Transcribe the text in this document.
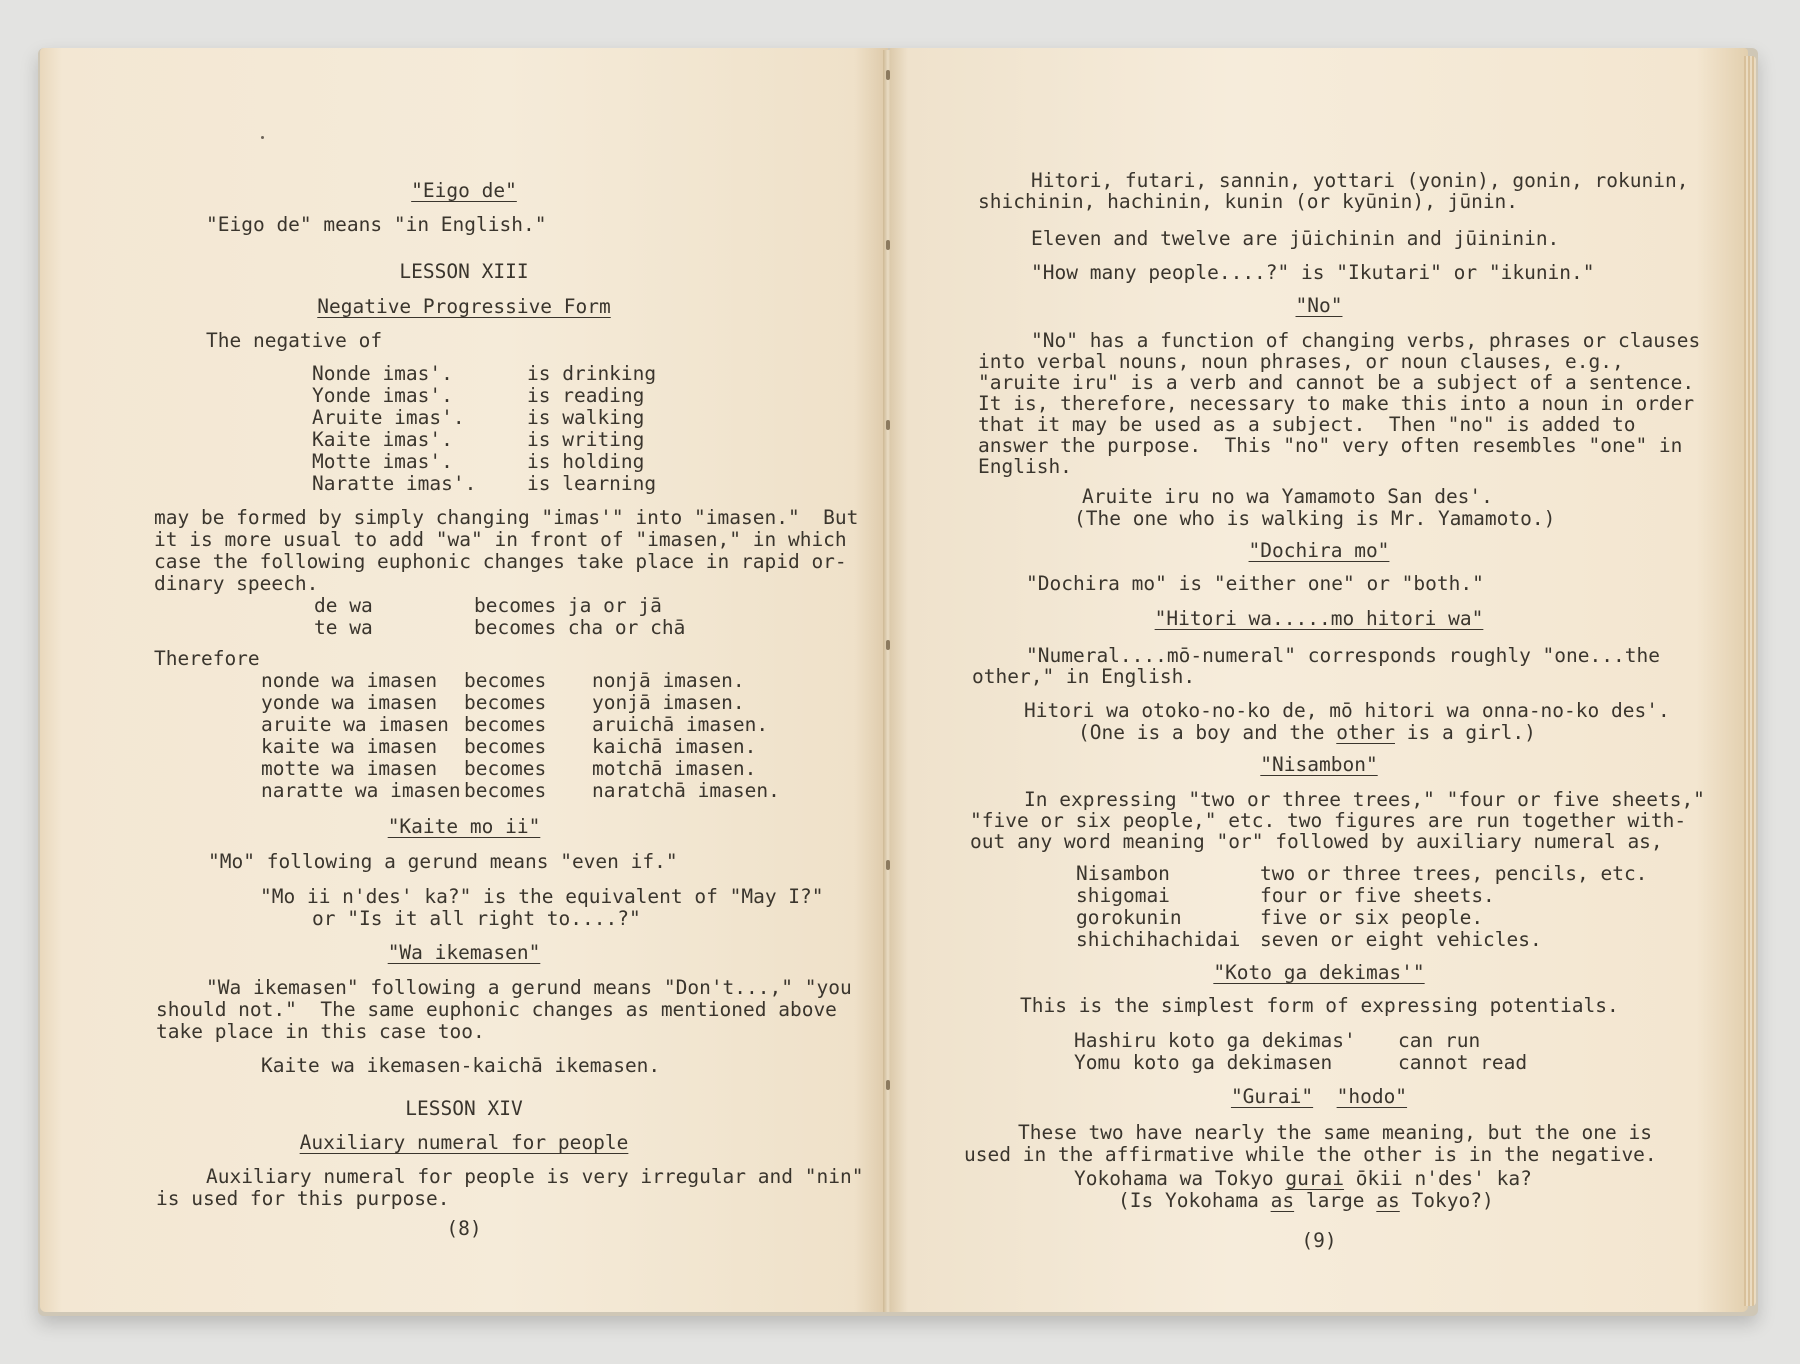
"Eigo de"
"Eigo de" means "in English."
LESSON XIII
Negative Progressive Form
The negative of
Nonde imas'.	is drinking
Yonde imas'.	is reading
Aruite imas'.	is walking
Kaite imas'.	is writing
Motte imas'.	is holding
Naratte imas'.	is learning
may be formed by simply changing "imas'" into "imasen."  But
it is more usual to add "wa" in front of "imasen," in which
case the following euphonic changes take place in rapid or-
dinary speech.
de wa	becomes ja or jā
te wa	becomes cha or chā
Therefore
nonde wa imasen becomes nonjā imasen.
yonde wa imasen becomes yonjā imasen.
aruite wa imasen becomes aruichā imasen.
kaite wa imasen becomes kaichā imasen.
motte wa imasen becomes motchā imasen.
naratte wa imasen becomes naratchā imasen.
"Kaite mo ii"
"Mo" following a gerund means "even if."
"Mo ii n'des' ka?" is the equivalent of "May I?"
or "Is it all right to....?"
"Wa ikemasen"
"Wa ikemasen" following a gerund means "Don't...," "you
should not."  The same euphonic changes as mentioned above
take place in this case too.
Kaite wa ikemasen-kaichā ikemasen.
LESSON XIV
Auxiliary numeral for people
Auxiliary numeral for people is very irregular and "nin"
is used for this purpose.
(8)
Hitori, futari, sannin, yottari (yonin), gonin, rokunin,
shichinin, hachinin, kunin (or kyūnin), jūnin.
Eleven and twelve are jūichinin and jūininin.
"How many people....?" is "Ikutari" or "ikunin."
"No"
"No" has a function of changing verbs, phrases or clauses
into verbal nouns, noun phrases, or noun clauses, e.g.,
"aruite iru" is a verb and cannot be a subject of a sentence.
It is, therefore, necessary to make this into a noun in order
that it may be used as a subject.  Then "no" is added to
answer the purpose.  This "no" very often resembles "one" in
English.
Aruite iru no wa Yamamoto San des'.
(The one who is walking is Mr. Yamamoto.)
"Dochira mo"
"Dochira mo" is "either one" or "both."
"Hitori wa.....mo hitori wa"
"Numeral....mō-numeral" corresponds roughly "one...the
other," in English.
Hitori wa otoko-no-ko de, mō hitori wa onna-no-ko des'.
(One is a boy and the other is a girl.)
"Nisambon"
In expressing "two or three trees," "four or five sheets,"
"five or six people," etc. two figures are run together with-
out any word meaning "or" followed by auxiliary numeral as,
Nisambon	two or three trees, pencils, etc.
shigomai	four or five sheets.
gorokunin	five or six people.
shichihachidai seven or eight vehicles.
"Koto ga dekimas'"
This is the simplest form of expressing potentials.
Hashiru koto ga dekimas' can run
Yomu koto ga dekimasen	cannot read
"Gurai" "hodo"
These two have nearly the same meaning, but the one is
used in the affirmative while the other is in the negative.
Yokohama wa Tokyo gurai ōkii n'des' ka?
(Is Yokohama as large as Tokyo?)
(9)
